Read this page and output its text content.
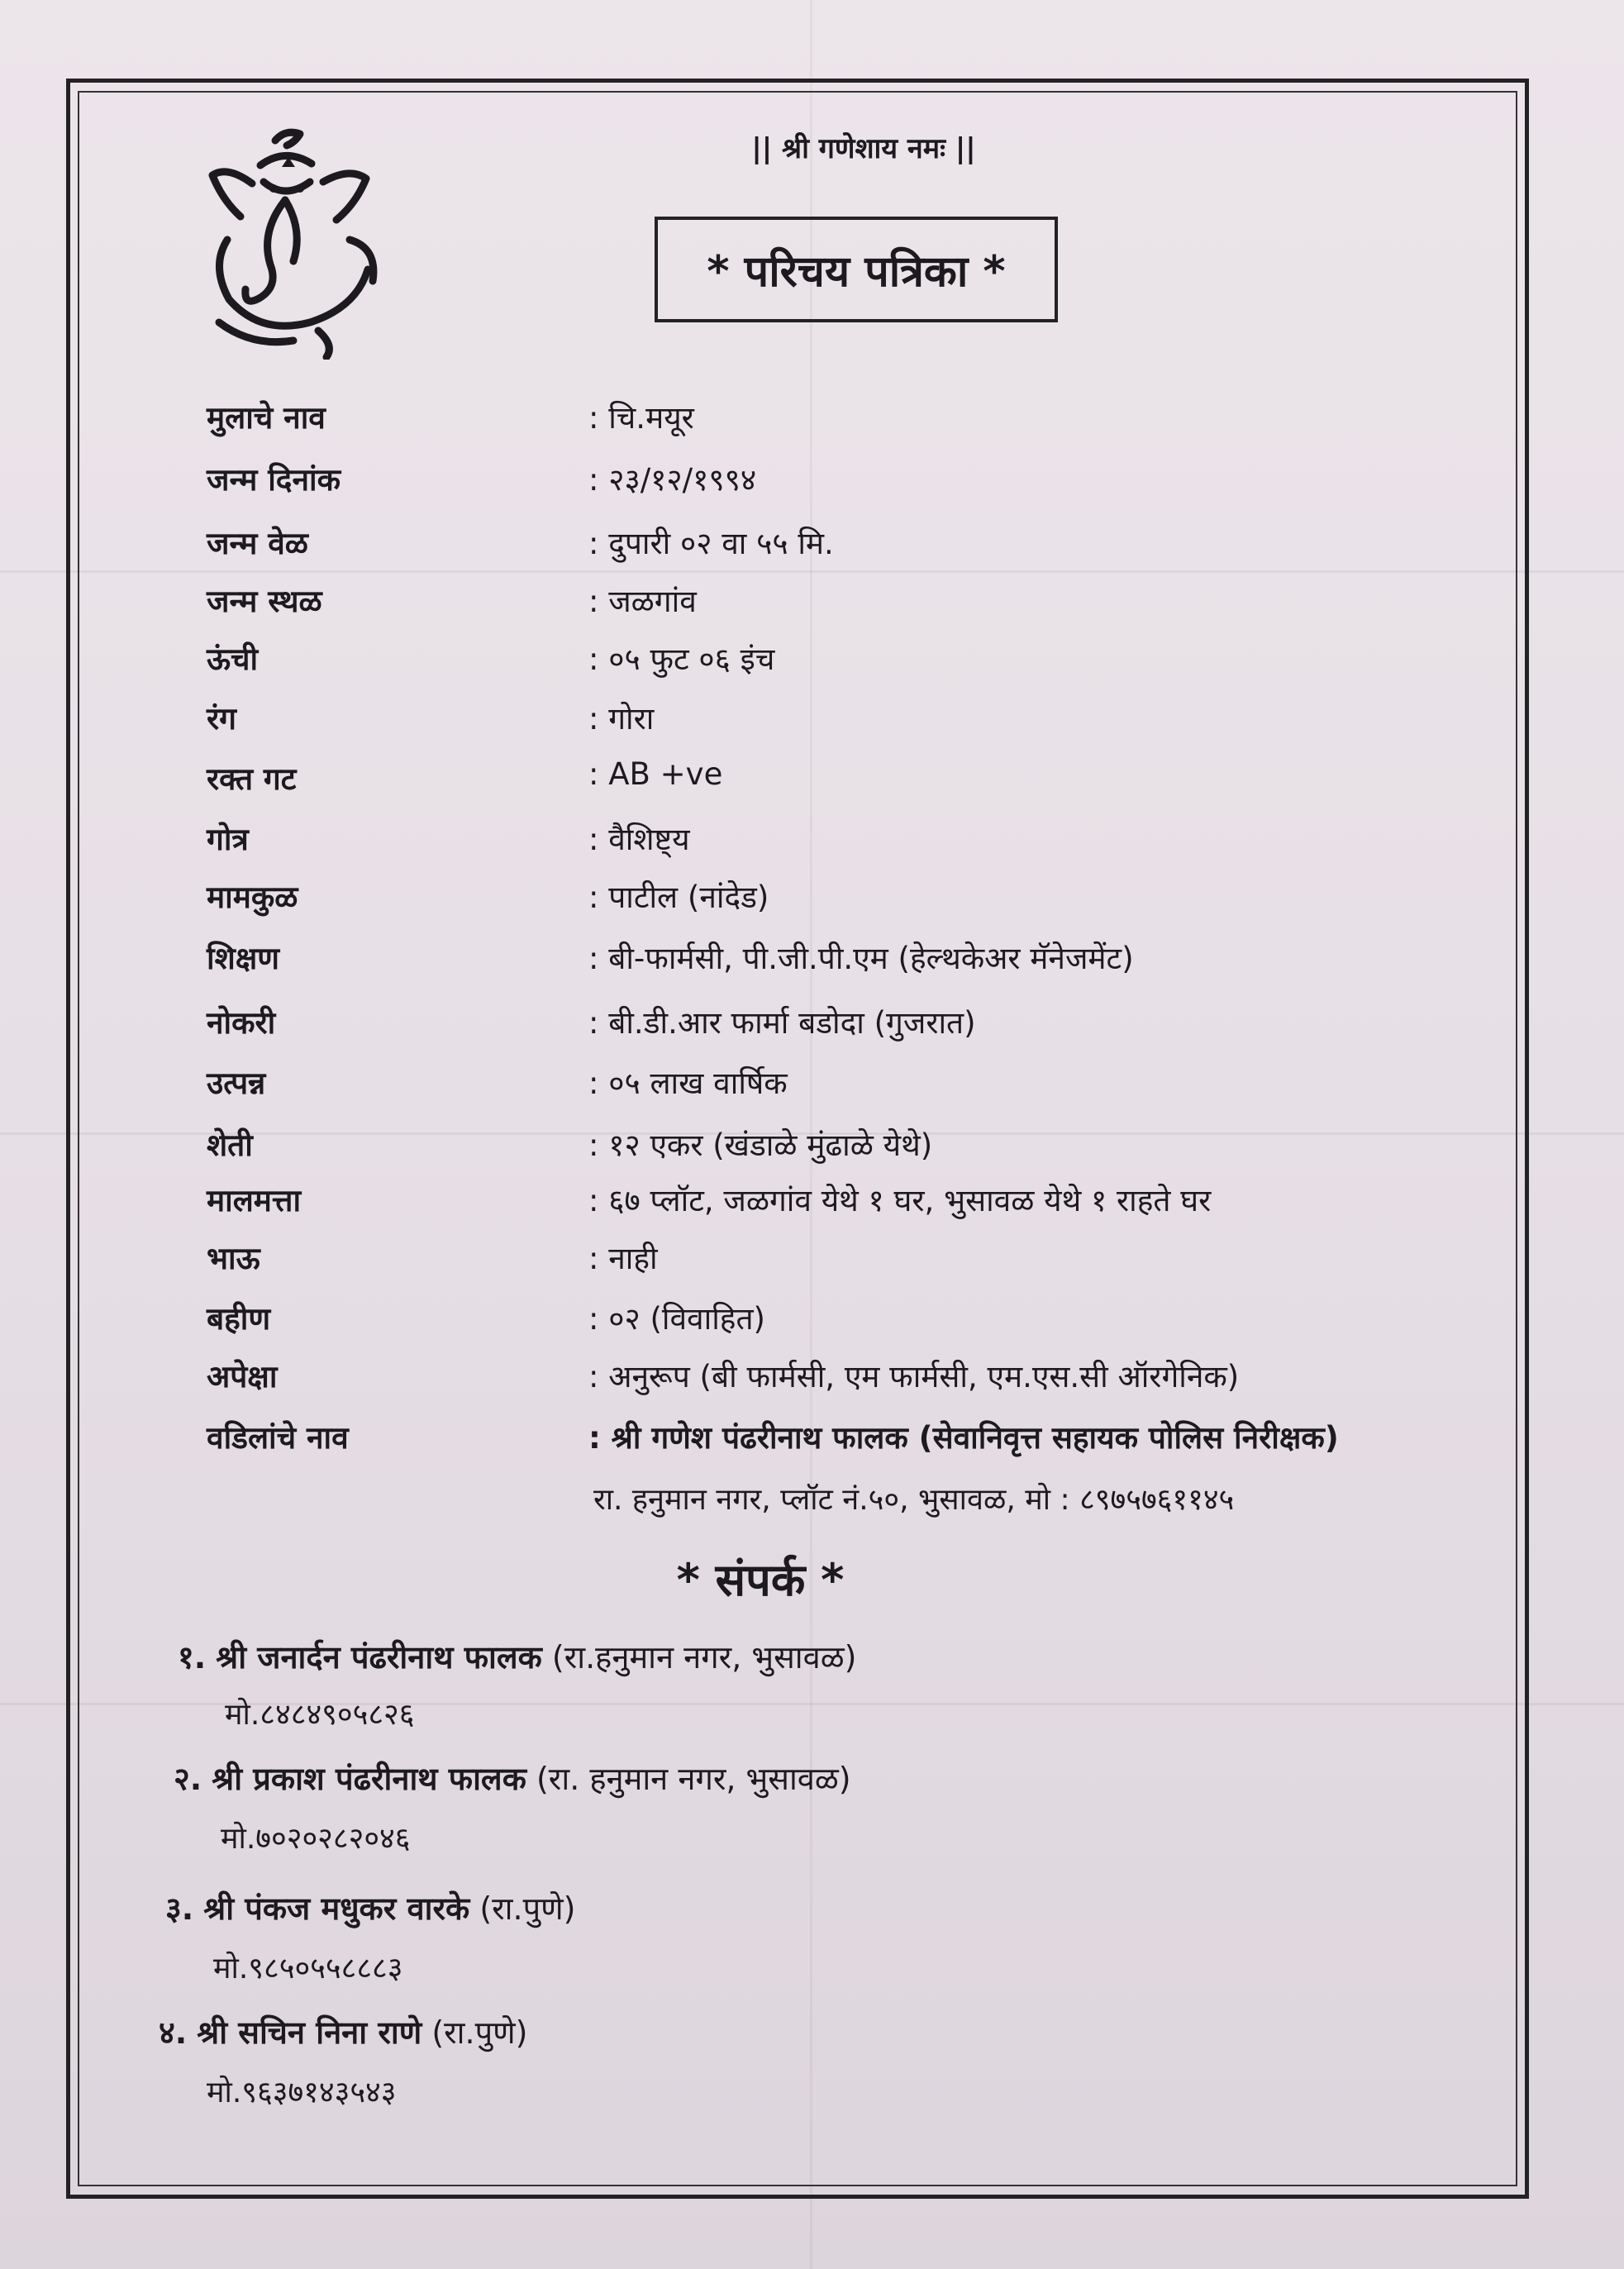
|| श्री गणेशाय नमः ||
* परिचय पत्रिका *
मुलाचे नाव	: चि.मयूर
जन्म दिनांक	: २३/१२/१९९४
जन्म वेळ	: दुपारी ०२ वा ५५ मि.
जन्म स्थळ	: जळगांव
ऊंची	: ०५ फुट ०६ इंच
रंग	: गोरा
रक्त गट	: AB +ve
गोत्र	: वैशिष्ट्य
मामकुळ	: पाटील (नांदेड)
शिक्षण	: बी-फार्मसी, पी.जी.पी.एम (हेल्थकेअर मॅनेजमेंट)
नोकरी	: बी.डी.आर फार्मा बडोदा (गुजरात)
उत्पन्न	: ०५ लाख वार्षिक
शेती	: १२ एकर (खंडाळे मुंढाळे येथे)
मालमत्ता	: ६७ प्लॉट, जळगांव येथे १ घर, भुसावळ येथे १ राहते घर
भाऊ	: नाही
बहीण	: ०२ (विवाहित)
अपेक्षा	: अनुरूप (बी फार्मसी, एम फार्मसी, एम.एस.सी ऑरगेनिक)
वडिलांचे नाव	: श्री गणेश पंढरीनाथ फालक (सेवानिवृत्त सहायक पोलिस निरीक्षक)
रा. हनुमान नगर, प्लॉट नं.५०, भुसावळ, मो : ८९७५७६११४५
* संपर्क *
१. श्री जनार्दन पंढरीनाथ फालक (रा.हनुमान नगर, भुसावळ)
मो.८४८४९०५८२६
२. श्री प्रकाश पंढरीनाथ फालक (रा. हनुमान नगर, भुसावळ)
मो.७०२०२८२०४६
३. श्री पंकज मधुकर वारके (रा.पुणे)
मो.९८५०५५८८८३
४. श्री सचिन निना राणे (रा.पुणे)
मो.९६३७१४३५४३
